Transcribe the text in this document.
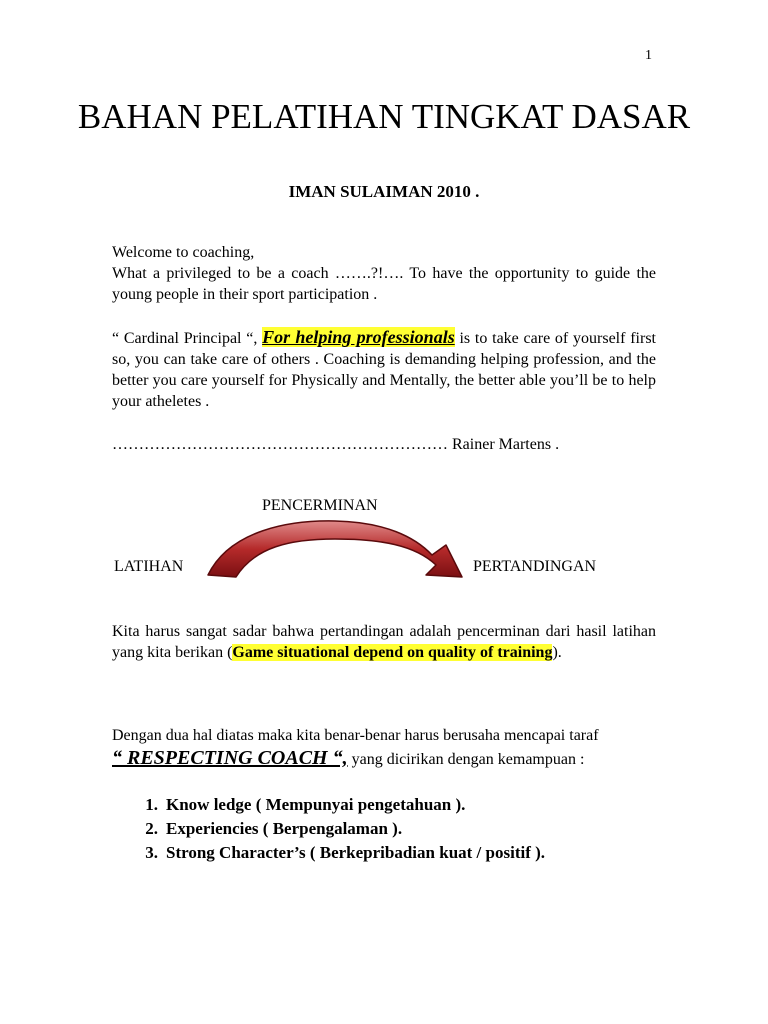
1
BAHAN PELATIHAN TINGKAT DASAR
IMAN SULAIMAN 2010 .
Welcome to coaching,
What a privileged to be a coach …….?!…. To have the opportunity to guide the young people in their sport participation .
“ Cardinal Principal “, For helping professionals is to take care of yourself first so, you can take care of others . Coaching is demanding helping profession, and the better you care yourself for Physically and Mentally, the better able you’ll be to help your atheletes .
……………………………………………………… Rainer Martens .
PENCERMINAN
LATIHAN	PERTANDINGAN
Kita harus sangat sadar bahwa pertandingan adalah pencerminan dari hasil latihan yang kita berikan (Game situational depend on quality of training).
Dengan dua hal diatas maka kita benar-benar harus berusaha mencapai taraf
“ RESPECTING COACH “, yang dicirikan dengan kemampuan :
1. Know ledge ( Mempunyai pengetahuan ).
2. Experiencies ( Berpengalaman ).
3. Strong Character’s ( Berkepribadian kuat / positif ).
